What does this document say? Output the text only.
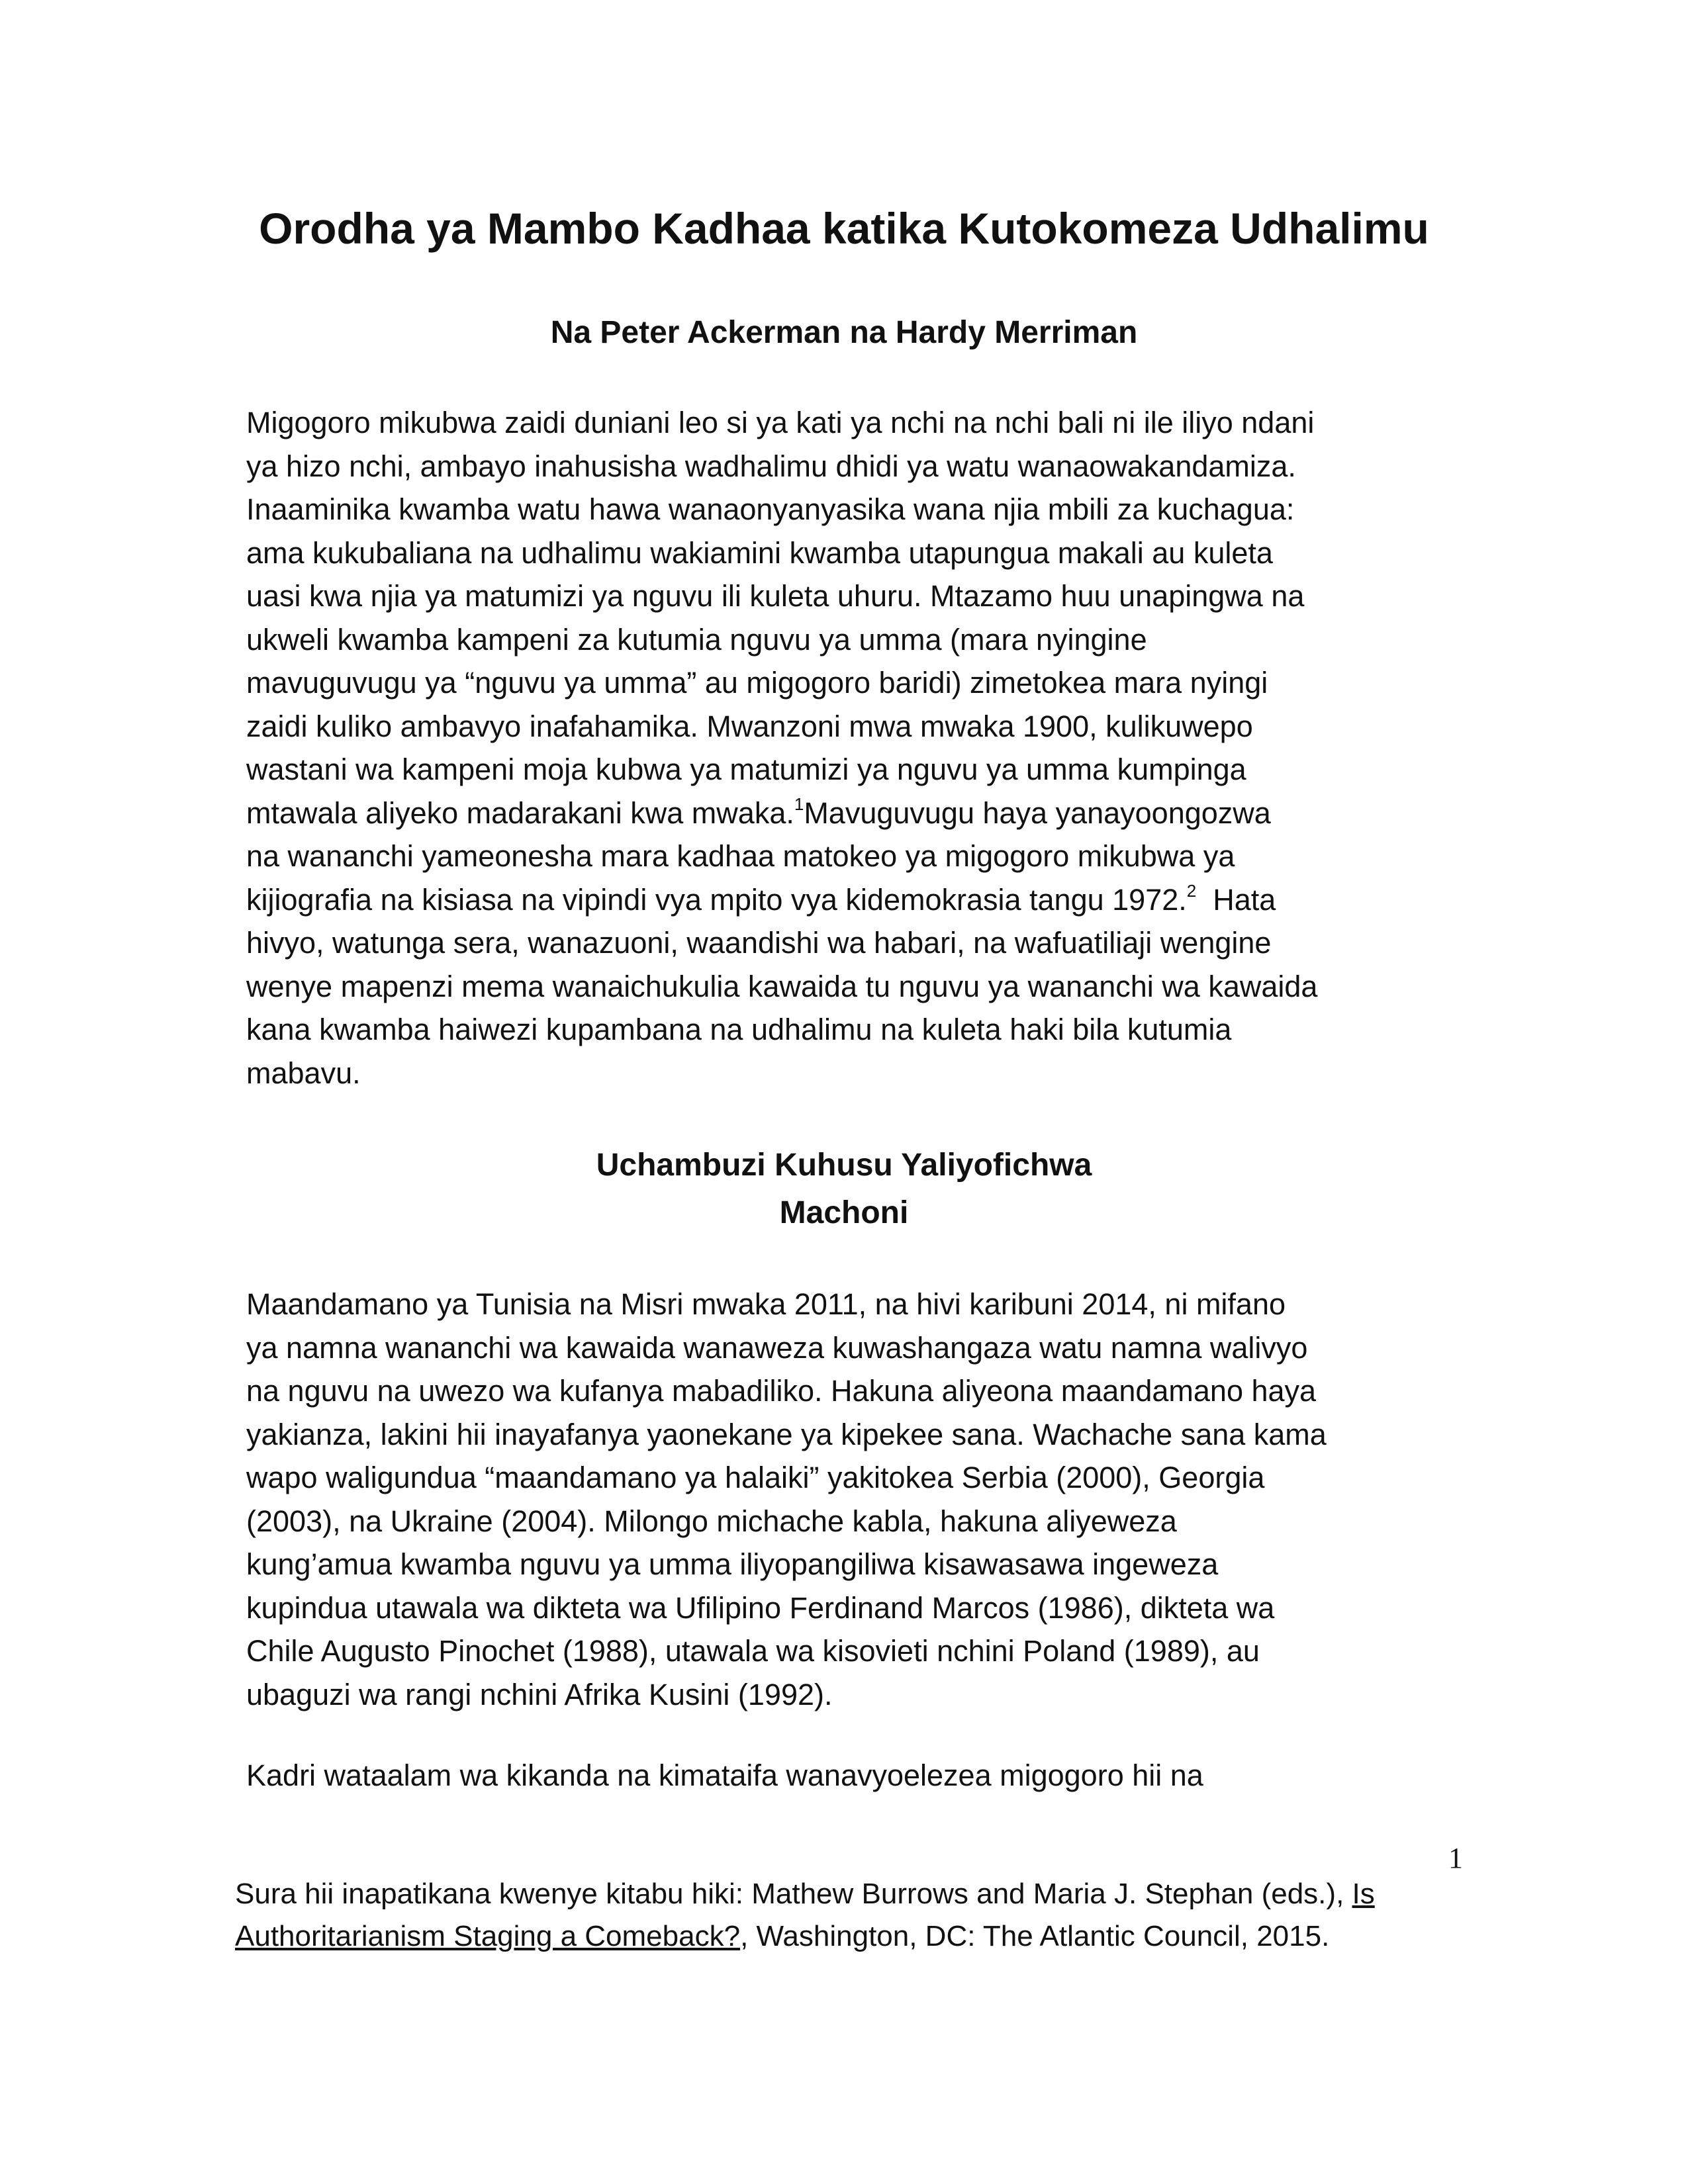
Orodha ya Mambo Kadhaa katika Kutokomeza Udhalimu
Na Peter Ackerman na Hardy Merriman
Migogoro mikubwa zaidi duniani leo si ya kati ya nchi na nchi bali ni ile iliyo ndani
ya hizo nchi, ambayo inahusisha wadhalimu dhidi ya watu wanaowakandamiza.
Inaaminika kwamba watu hawa wanaonyanyasika wana njia mbili za kuchagua:
ama kukubaliana na udhalimu wakiamini kwamba utapungua makali au kuleta
uasi kwa njia ya matumizi ya nguvu ili kuleta uhuru. Mtazamo huu unapingwa na
ukweli kwamba kampeni za kutumia nguvu ya umma (mara nyingine
mavuguvugu ya “nguvu ya umma” au migogoro baridi) zimetokea mara nyingi
zaidi kuliko ambavyo inafahamika. Mwanzoni mwa mwaka 1900, kulikuwepo
wastani wa kampeni moja kubwa ya matumizi ya nguvu ya umma kumpinga
mtawala aliyeko madarakani kwa mwaka.$^1$Mavuguvugu haya yanayoongozwa
na wananchi yameonesha mara kadhaa matokeo ya migogoro mikubwa ya
kijiografia na kisiasa na vipindi vya mpito vya kidemokrasia tangu 1972.$^2$  Hata
hivyo, watunga sera, wanazuoni, waandishi wa habari, na wafuatiliaji wengine
wenye mapenzi mema wanaichukulia kawaida tu nguvu ya wananchi wa kawaida
kana kwamba haiwezi kupambana na udhalimu na kuleta haki bila kutumia
mabavu.
Uchambuzi Kuhusu Yaliyofichwa
Machoni
Maandamano ya Tunisia na Misri mwaka 2011, na hivi karibuni 2014, ni mifano
ya namna wananchi wa kawaida wanaweza kuwashangaza watu namna walivyo
na nguvu na uwezo wa kufanya mabadiliko. Hakuna aliyeona maandamano haya
yakianza, lakini hii inayafanya yaonekane ya kipekee sana. Wachache sana kama
wapo waligundua “maandamano ya halaiki” yakitokea Serbia (2000), Georgia
(2003), na Ukraine (2004). Milongo michache kabla, hakuna aliyeweza
kung’amua kwamba nguvu ya umma iliyopangiliwa kisawasawa ingeweza
kupindua utawala wa dikteta wa Ufilipino Ferdinand Marcos (1986), dikteta wa
Chile Augusto Pinochet (1988), utawala wa kisovieti nchini Poland (1989), au
ubaguzi wa rangi nchini Afrika Kusini (1992).
Kadri wataalam wa kikanda na kimataifa wanavyoelezea migogoro hii na
1

Sura hii inapatikana kwenye kitabu hiki: Mathew Burrows and Maria J. Stephan (eds.), Is
Authoritarianism Staging a Comeback?, Washington, DC: The Atlantic Council, 2015.
